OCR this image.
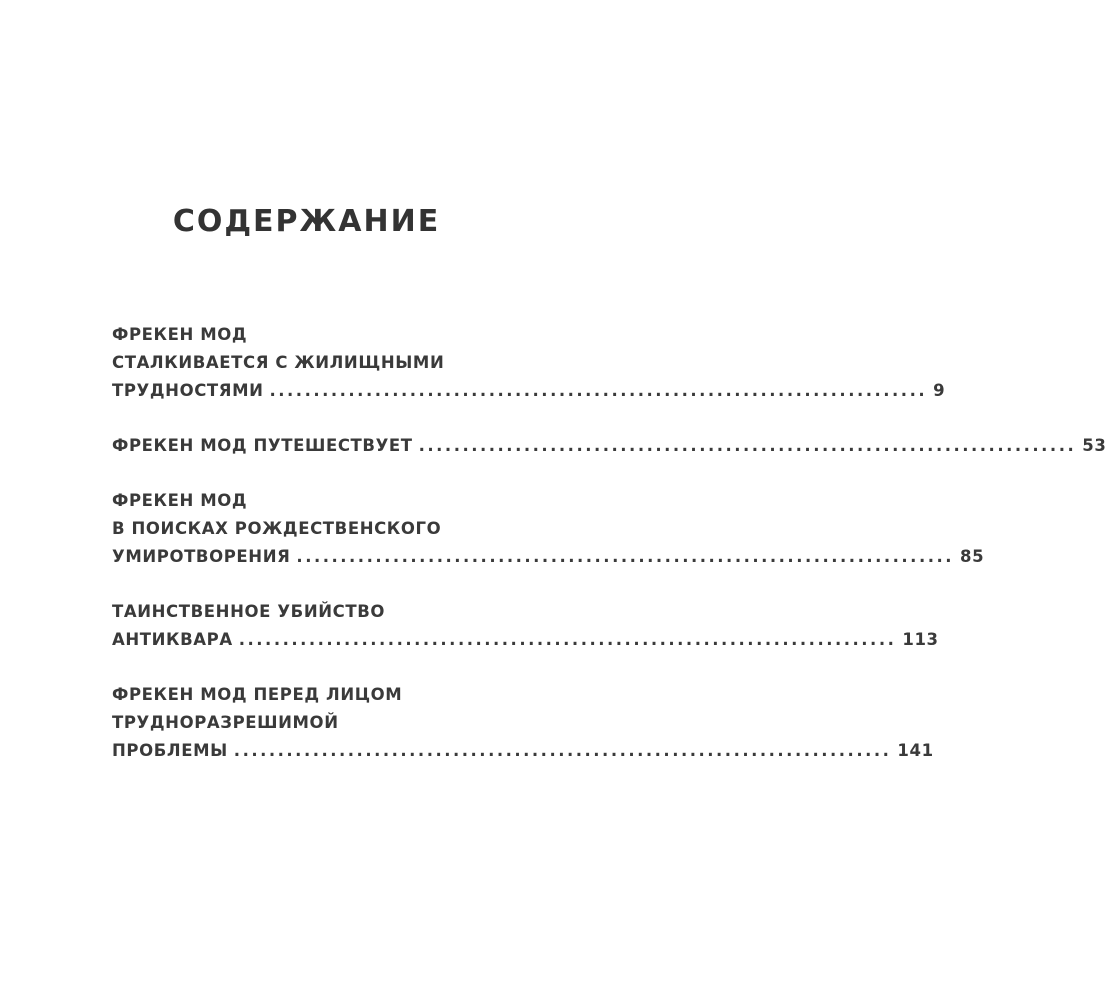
СОДЕРЖАНИЕ
ФРЕКЕН МОД
СТАЛКИВАЕТСЯ С ЖИЛИЩНЫМИ
ТРУДНОСТЯМИ ........................................................................... 9
ФРЕКЕН МОД ПУТЕШЕСТВУЕТ ........................................................................... 53
ФРЕКЕН МОД
В ПОИСКАХ РОЖДЕСТВЕНСКОГО
УМИРОТВОРЕНИЯ ........................................................................... 85
ТАИНСТВЕННОЕ УБИЙСТВО
АНТИКВАРА ........................................................................... 113
ФРЕКЕН МОД ПЕРЕД ЛИЦОМ
ТРУДНОРАЗРЕШИМОЙ
ПРОБЛЕМЫ ........................................................................... 141
